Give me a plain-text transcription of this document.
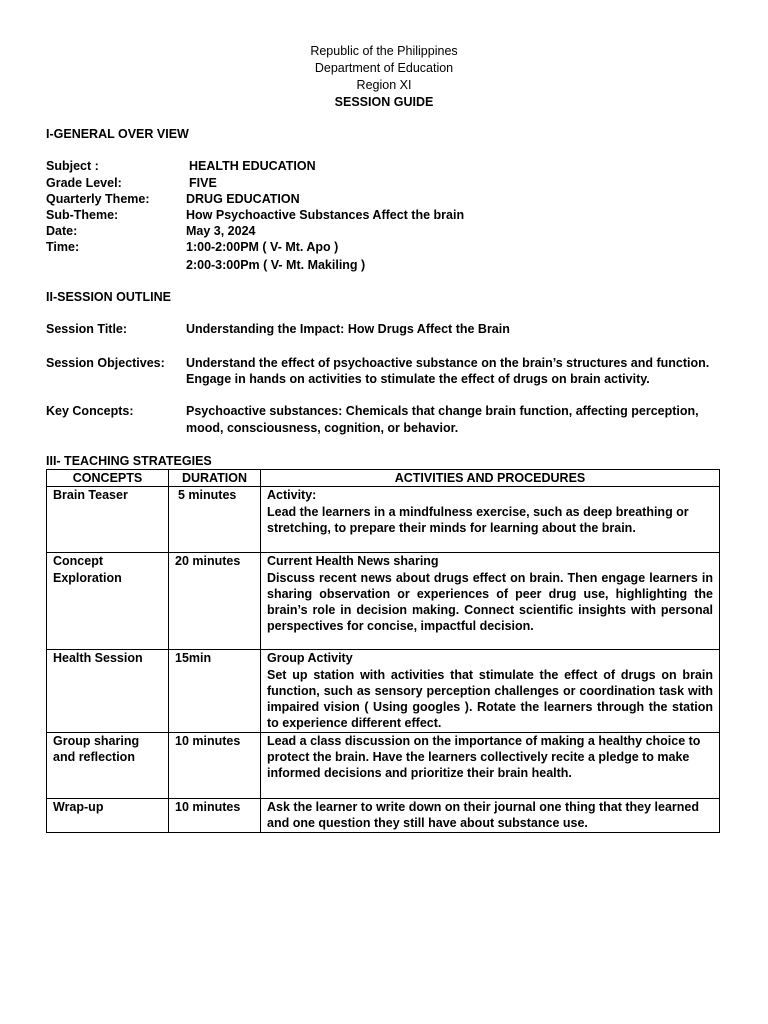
Republic of the Philippines
Department of Education
Region XI
SESSION GUIDE
I-GENERAL OVER VIEW
Subject :	HEALTH EDUCATION
Grade Level:	FIVE
Quarterly Theme:	DRUG EDUCATION
Sub-Theme:	How Psychoactive Substances Affect the brain
Date:	May 3, 2024
Time:	1:00-2:00PM ( V- Mt. Apo )
2:00-3:00Pm ( V- Mt. Makiling )
II-SESSION OUTLINE
Session Title:	Understanding the Impact: How Drugs Affect the Brain
Session Objectives: Understand the effect of psychoactive substance on the brain’s structures and function.
Engage in hands on activities to stimulate the effect of drugs on brain activity.
Key Concepts:	Psychoactive substances: Chemicals that change brain function, affecting perception,
mood, consciousness, cognition, or behavior.
III- TEACHING STRATEGIES
CONCEPTS	DURATION	ACTIVITIES AND PROCEDURES
Brain Teaser	5 minutes	Activity:
Lead the learners in a mindfulness exercise, such as deep breathing or stretching, to prepare their minds for learning about the brain.

Concept Exploration	20 minutes	Current Health News sharing
Discuss recent news about drugs effect on brain. Then engage learners in sharing observation or experiences of peer drug use, highlighting the brain’s role in decision making. Connect scientific insights with personal perspectives for concise, impactful decision.

Health Session	15min	Group Activity
Set up station with activities that stimulate the effect of drugs on brain function, such as sensory perception challenges or coordination task with impaired vision ( Using googles ). Rotate the learners through the station to experience different effect.

Group sharing and reflection	10 minutes	Lead a class discussion on the importance of making a healthy choice to protect the brain. Have the learners collectively recite a pledge to make informed decisions and prioritize their brain health.

Wrap-up	10 minutes	Ask the learner to write down on their journal one thing that they learned and one question they still have about substance use.
